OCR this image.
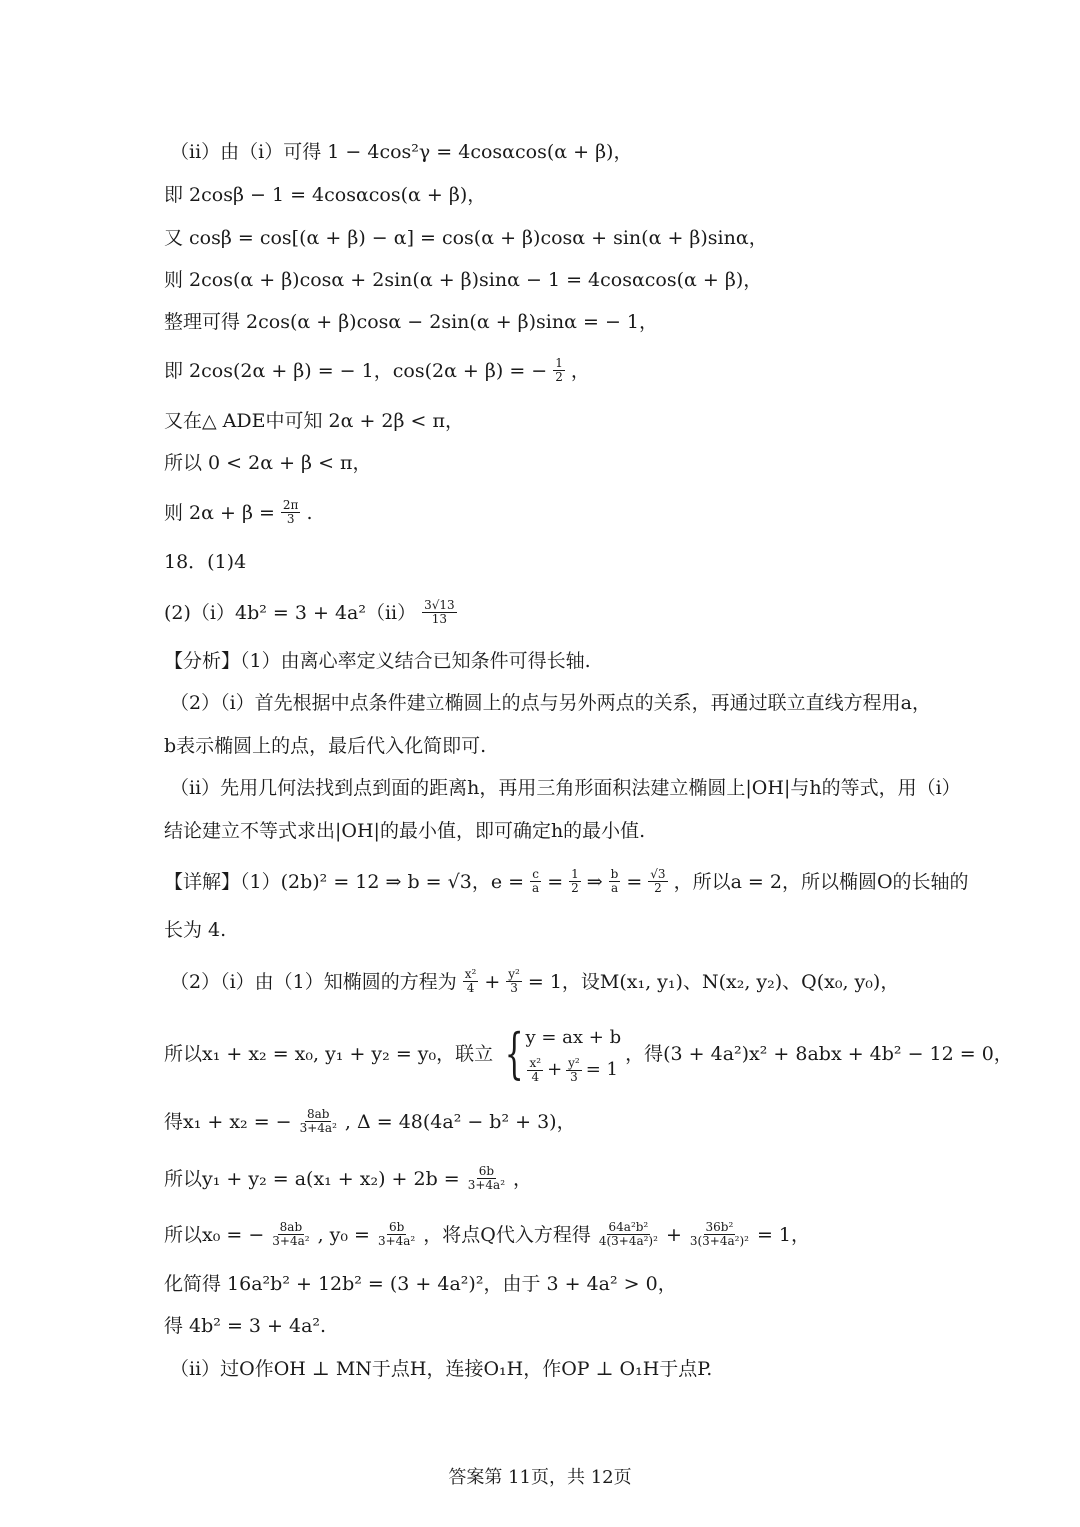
（ii）由（i）可得 1 − 4cos²γ = 4cosαcos(α + β)，
即 2cosβ − 1 = 4cosαcos(α + β)，
又 cosβ = cos[(α + β) − α] = cos(α + β)cosα + sin(α + β)sinα，
则 2cos(α + β)cosα + 2sin(α + β)sinα − 1 = 4cosαcos(α + β)，
整理可得 2cos(α + β)cosα − 2sin(α + β)sinα = − 1，
即 2cos(2α + β) = − 1，cos(2α + β) = − $\frac{1}{2}$ ，
又在△ ADE中可知 2α + 2β < π，
所以 0 < 2α + β < π，
则 $2\alpha + \beta = \frac{2\pi}{3}$ .
18．(1)4
$(2)(i)4b^2 = 3 + 4a^2(ii) \frac{3√13}{13}$
【分析】（1）由离心率定义结合已知条件可得长轴.
（2）（i）首先根据中点条件建立椭圆上的点与另外两点的关系，再通过联立直线方程用a，
b表示椭圆上的点，最后代入化简即可.
（ii）先用几何法找到点到面的距离h，再用三角形面积法建立椭圆上|OH|与h的等式，用（i）
结论建立不等式求出|OH|的最小值，即可确定h的最小值.
【详解】（1）(2b)² = 12 ⇒ b = √3，$e = \frac{c}{a} = \frac{1}{2}$ ⇒ $\frac{b}{a} = \frac{√3}{2}$ ，所以a = 2，所以椭圆O的长轴的
长为 4.
（2）（i）由（1）知椭圆的方程为 $\frac{\text{x²}}{4} + \frac{\text{y²}}{3} = 1$，设M(x₁, y₁)、N(x₂, y₂)、Q(x₀, y₀)，
所以x₁ + x₂ = x₀, y₁ + y₂ = y₀，联立 { y = ax + b
$\frac{\text{x²}}{4} + \frac{\text{y²}}{3} = 1$
，得(3 + 4a²)x² + 8abx + 4b² − 12 = 0，
得x₁ + x₂ = − $\frac{8ab}{\text{3+4a²}}$ , Δ = 48(4a² − b² + 3)，
所以$y_1 + y_2 = a(x_1 + x_2) + 2b = \frac{6b}{\text{3+4a²}}$ ，
所以x₀ = − $\frac{8ab}{\text{3+4a²}}$ , $y_0 = \frac{6b}{\text{3+4a²}}$ ，将点Q代入方程得 $\frac{\text{64a²b²}}{\text{4(3+4a²)²}} + \frac{\text{36b²}}{\text{3(3+4a²)²}} = 1$，
化简得 16a²b² + 12b² = (3 + 4a²)²，由于 3 + 4a² > 0，
得 4b² = 3 + 4a².
（ii）过O作OH ⊥ MN于点H，连接O₁H，作OP ⊥ O₁H于点P.
答案第 11页，共 12页
